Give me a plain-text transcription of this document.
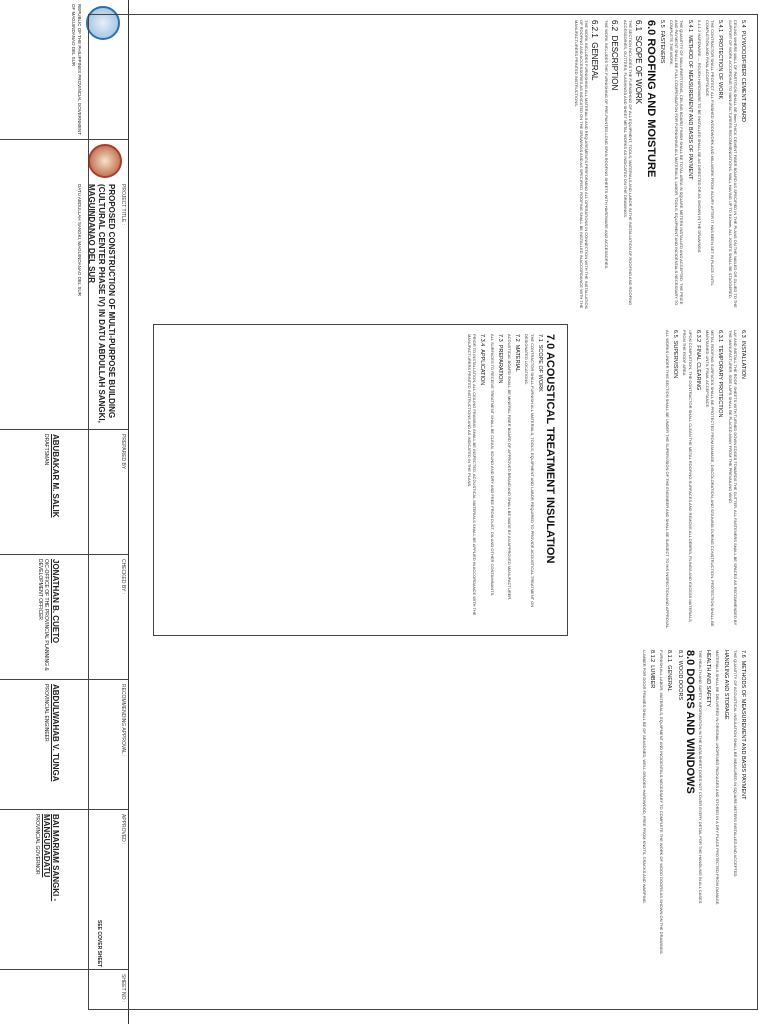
REPUBLIC OF THE PHILIPPINES PROVINCIAL GOVERNMENT OF MAGUINDANAO DEL SUR
PROJECT TITLE :
PROPOSED CONSTRUCTION OF MULTI-PURPOSE BUILDING (CULTURAL CENTER PHASE IV) IN DATU ABDULLAH SANGKI, MAGUINDANAO DEL SUR
DATU ABDULLAH SANGKI, MAGUINDANAO DEL SUR
PREPARED BY :
ABUBAKAR M. SALIK
DRAFTSMAN
CHECKED BY :
JONATHAN B. CUETO
OIC-OFFICE OF THE PROVINCIAL PLANNING & DEVELOPMENT OFFICER
RECOMMENDING APPROVAL :
ABDULWAHAB V. TUNGA
PROVINCIAL ENGINEER
APPROVED :
SEE COVER SHEET
BAI MARIAM SANGKI - MANGUDADATU
PROVINCIAL GOVERNOR
SHEET NO :
5.4  PLYWOOD/FIBER CEMENT BOARD

CEILING WHERE WALL OF PARTITION SHALL BE 6mm THICK CEMENT FIBER BOARD AS SPECIFIED IN THE PLANS ON THE NAILED OR GLUED TO THE SUPPORT OF WORK ACCORDING TO MANUFACTURERS RECOMMENDATIONS. WALL HAVING UP TO 610mm, ALL JOINTS SHALL BE STAGGERED.

5.4.1  PROTECTION OF WORK

THE CONTRACTOR SHALL PROTECT ALL FINISHED WOODWORK AND MILLWORK FROM INJURY AFTER IT HAS BEEN SET IN PLACE UNTIL COMPLETION AND FINAL ACCEPTANCE.

5.4.1.2 HARDWARE — ROUGH HARDWARE TO BE INSTALLED SHALL BE AS DIRECTED OR AS SHOWN IN THE DRAWINGS.

5.4.1  METHOD OF MEASUREMENT AND BASIS OF PAYMENT

THE QUANTITY OF WALL/PARTITIONS, CEILING BOARD FINISH SHALL BE TOTAL AREA IN SQUARE METERS INSTALLED AND ACCEPTED. THE PRICE AND PAYMENT SHALL BE FULL COMPENSATION FOR FURNISHING ALL MATERIALS, LABOR, TOOLS, EQUIPMENT AND INCIDENTALS NECESSARY TO COMPLETE THE WORK.

5.5  FASTENERS
6.0 ROOFING AND MOISTURE
6.1  SCOPE OF WORK

THE SECTION INCLUDES THE FURNISHING OF ALL EQUIPMENT, TOOLS, MATERIALS AND LABOR IN THE INSTALLATION OF ROOFING AND ROOFING ACCESSORIES, GUTTERS, FLASHINGS AND SHEET METAL WORKS AS INDICATED ON THE DRAWINGS.

6.2  DESCRIPTION

THE WORK INCLUDES THE FURNISHING OF PRE-PAINTED LONG SPAN ROOFING SHEETS WITH HARDWARE AND ACCESSORIES.

6.2.1  GENERAL

THE WORK INCLUDES FURNISHING ALL MATERIALS AND REQUIREMENTS PERFORMING ALL OPERATIONS IN CONNECTION WITH THE INSTALLATION OF ROOFING AND ACCESSORIES AS INDICATED ON THE DRAWINGS AND AS SPECIFIED. ROOFING SHALL BE INSTALLED IN ACCORDANCE WITH THE MANUFACTURERS PRINTED INSTRUCTIONS.

6.3  INSTALLATION

LAY AND INSTALL THE ROOF SHEETS WITH TURNED DOWN EDGES TOWARDS THE GUTTER. ALL FASTENERS SHALL BE SPACED AS RECOMMENDED BY THE MANUFACTURER. SIDE LAPS SHALL BE PLACED AWAY FROM THE PREVAILING WIND.

6.3.1  TEMPORARY PROTECTION

METAL ROOFING SURFACES SHALL BE PROTECTED FROM DAMAGE, DISCOLORATION, AND STAINING DURING CONSTRUCTION. PROTECTION SHALL BE MAINTAINED UNTIL FINAL ACCEPTANCE.

6.3.2  FINAL CLEARING

UPON COMPLETION, THE CONTRACTOR SHALL CLEAN THE METAL ROOFING SURFACES AND REMOVE ALL DEBRIS, FILINGS AND EXCESS MATERIALS FROM THE ROOF AREA.

6.5  SUPERVISION

ALL WORKS UNDER THIS SECTION SHALL BE UNDER THE SUPERVISION OF THE ENGINEER AND SHALL BE SUBJECT TO HIS INSPECTION AND APPROVAL.

7.0 ACOUSTICAL TREATMENT INSULATION
7.1  SCOPE OF WORK

THE CONTRACTOR SHALL FURNISH ALL MATERIALS, TOOLS, EQUIPMENT AND LABOR REQUIRED TO PROVIDE ACOUSTICAL TREATMENT ON DESIGNATED LOCATIONS.

7.2  MATERIAL

ACOUSTICAL BOARD SHALL BE MINERAL FIBER BOARD OF APPROVED BRAND AND SHALL BE MADE BY AN APPROVED MANUFACTURER.

7.3  PREPARATION

ALL SURFACES TO RECEIVE TREATMENT SHALL BE CLEAN, SOUND AND DRY AND FREE FROM DUST, OIL AND OTHER CONTAMINANTS.

7.3.4  APPLICATION

PRIOR TO INSTALLATION, ALL CEILING FRAMING SHALL BE INSPECTED. ACOUSTICAL MATERIALS SHALL BE APPLIED IN ACCORDANCE WITH THE MANUFACTURERS PRINTED INSTRUCTIONS AND AS INDICATED IN THE PLANS.

7.6  METHODS OF MEASUREMENT AND BASIS PAYMENT

THE QUANTITY OF ACOUSTICAL INSULATION SHALL BE MEASURED IN SQUARE METERS INSTALLED AND ACCEPTED.

HANDLING AND STORAGE

MATERIALS SHALL BE DELIVERED IN ORIGINAL UNOPENED PACKAGES AND STORED IN A DRY PLACE PROTECTED FROM DAMAGE.

HEALTH AND SAFETY

THE HEALTH AND SAFETY INFORMATION IN THE DATA SHEET DOES NOT COVER EVERY DETAIL FOR THE HANDLING IN ALL CASES.

8.0 DOORS AND WINDOWS
8.1  WOOD DOORS
8.1.1  GENERAL

FURNISH ALL LABOR, MATERIALS, EQUIPMENT AND INCIDENTALS NECESSARY TO COMPLETE THE WORK OF WOOD DOORS AS SHOWN ON THE DRAWINGS.

8.1.2  LUMBER

LUMBER FOR DOOR FRAMES SHALL BE OF SEASONED, WELL GRADED HARDWOOD, FREE FROM KNOTS, CRACKS AND WARPING.
